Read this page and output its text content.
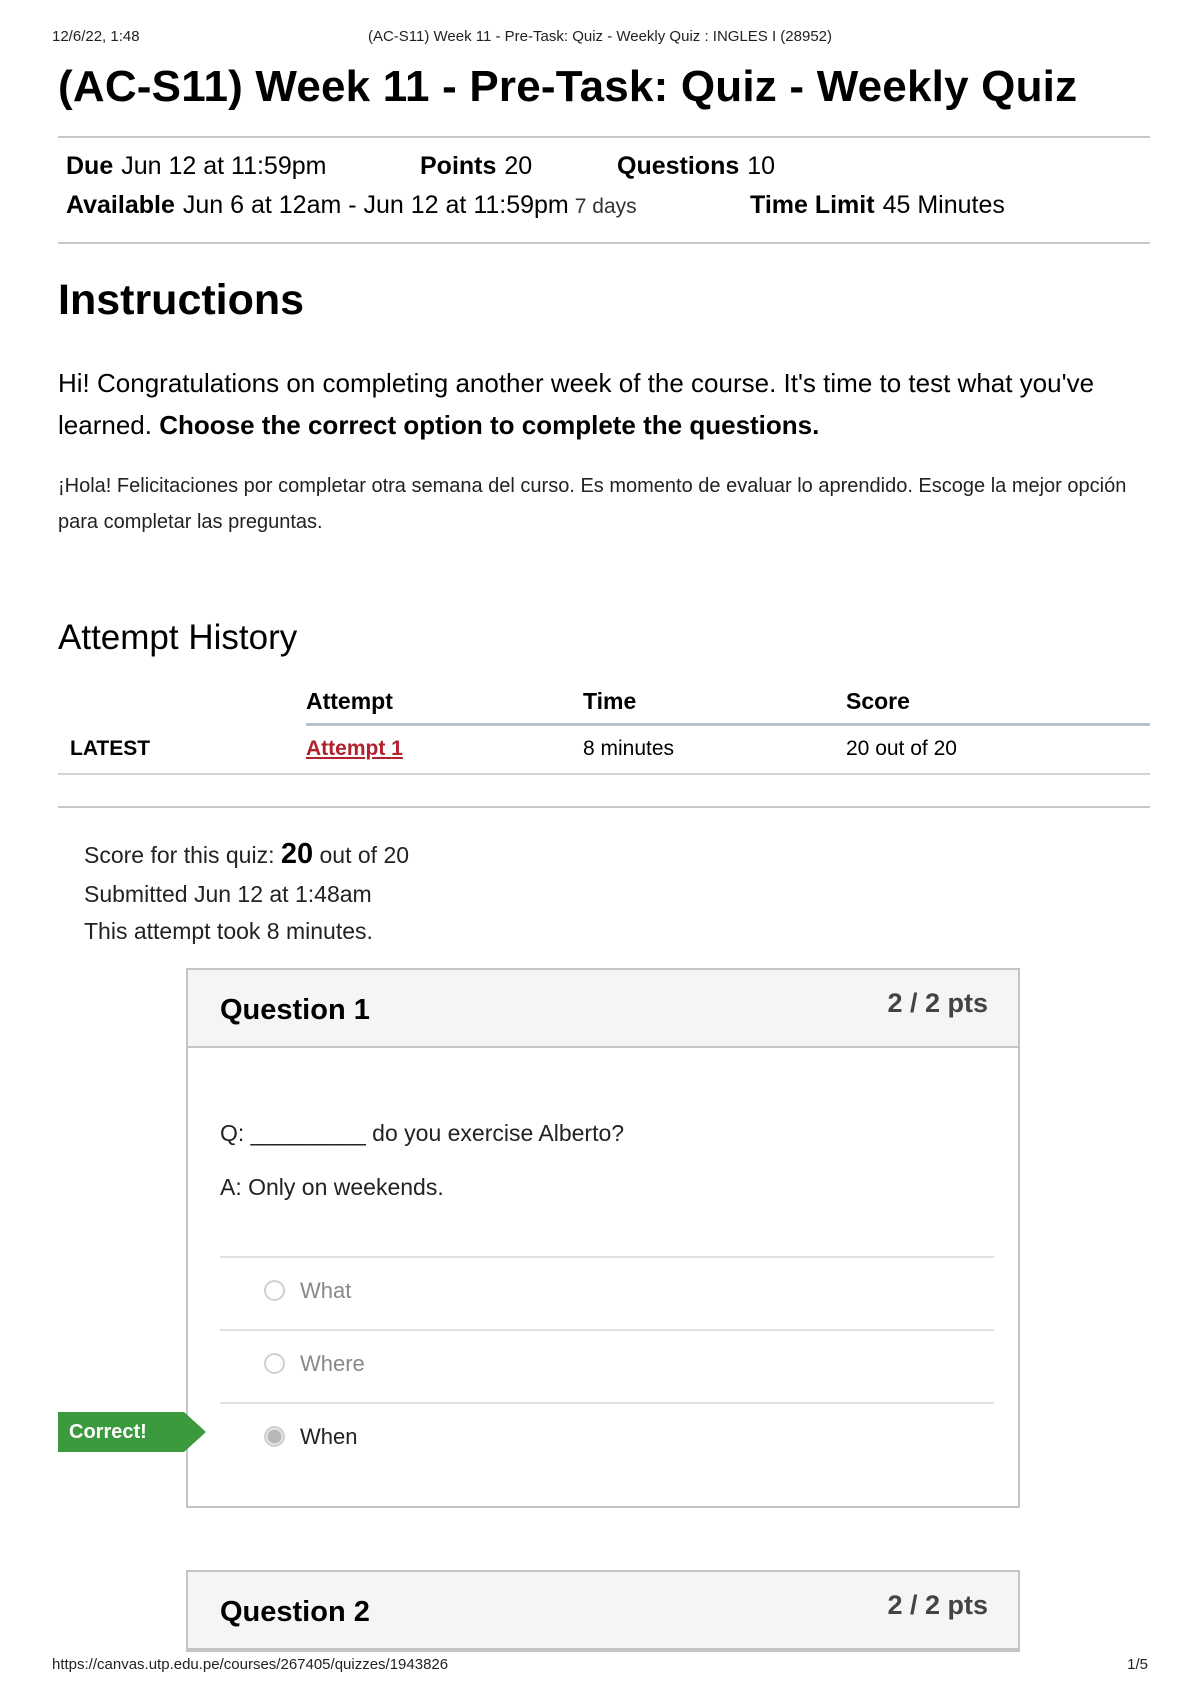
12/6/22, 1:48	(AC-S11) Week 11 - Pre-Task: Quiz - Weekly Quiz : INGLES I (28952)
(AC-S11) Week 11 - Pre-Task: Quiz - Weekly Quiz
Due Jun 12 at 11:59pm	Points 20	Questions 10
Available Jun 6 at 12am - Jun 12 at 11:59pm 7 days	Time Limit 45 Minutes
Instructions

Hi! Congratulations on completing another week of the course. It's time to test what you've learned. Choose the correct option to complete the questions.

¡Hola! Felicitaciones por completar otra semana del curso. Es momento de evaluar lo aprendido. Escoge la mejor opción para completar las preguntas.

Attempt History
	Attempt	Time	Score
LATEST	Attempt 1	8 minutes	20 out of 20
Score for this quiz: 20 out of 20
Submitted Jun 12 at 1:48am
This attempt took 8 minutes.
Question 1	2 / 2 pts
Q: _________ do you exercise Alberto?
A: Only on weekends.
What
Where
When
Correct!
Question 2	2 / 2 pts
https://canvas.utp.edu.pe/courses/267405/quizzes/1943826	1/5
